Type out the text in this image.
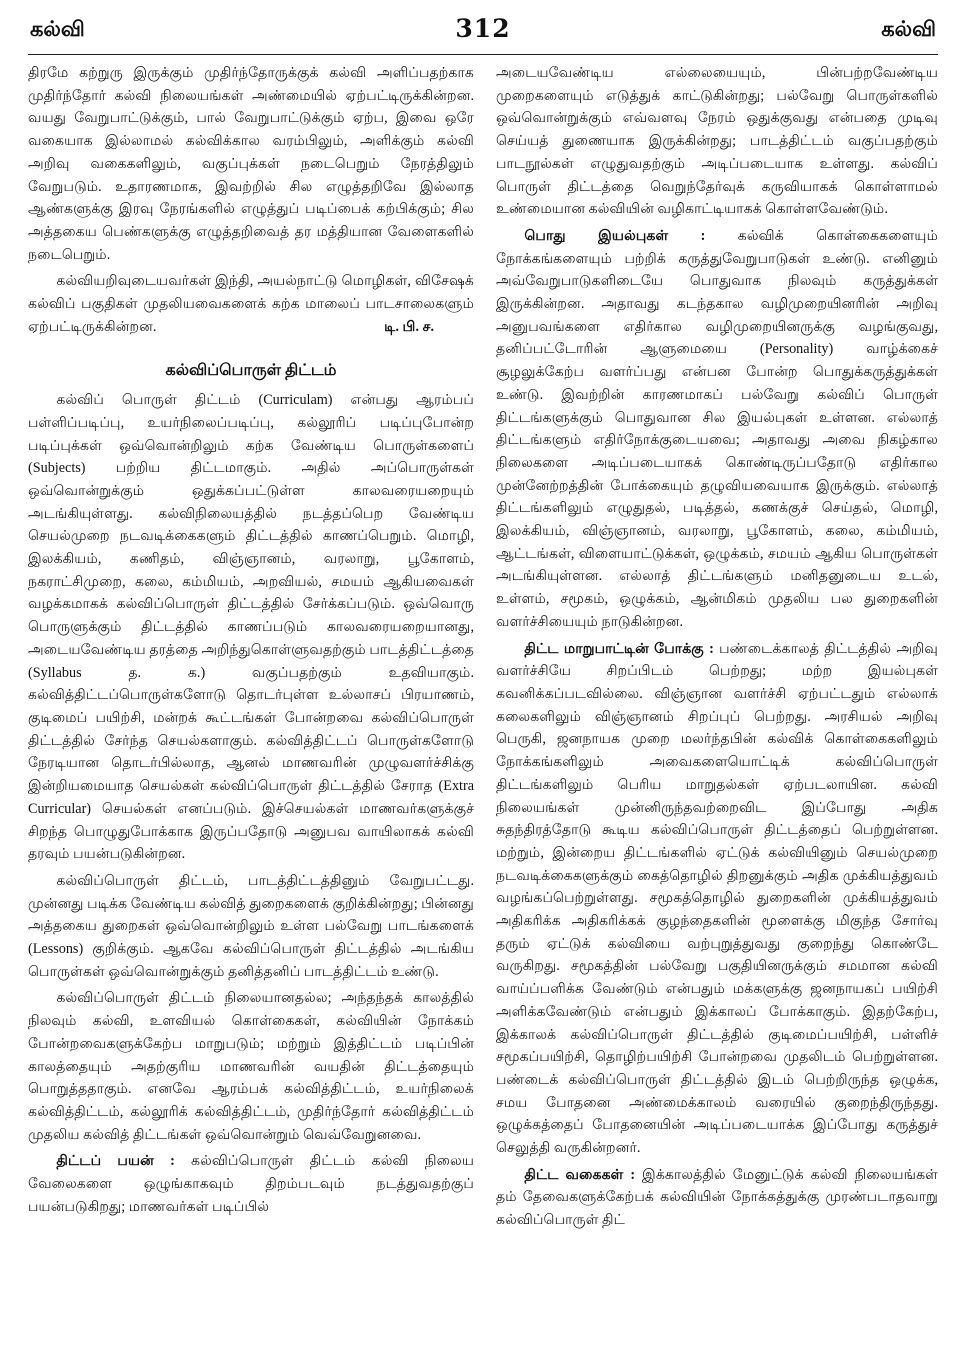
கல்வி	312	கல்வி

திரமே கற்றுரு இருக்கும் முதிர்ந்தோருக்குக் கல்வி அளிப்பதற்காக முதிர்ந்தோர் கல்வி நிலையங்கள் அண்மையில் ஏற்பட்டிருக்கின்றன. வயது வேறுபாட்டுக்கும், பால் வேறுபாட்டுக்கும் ஏற்ப, இவை ஒரே வகையாக இல்லாமல் கல்விக்கால வரம்பிலும், அளிக்கும் கல்வி அறிவு வகைகளிலும், வகுப்புக்கள் நடைபெறும் நேரத்திலும் வேறுபடும். உதாரணமாக, இவற்றில் சில எழுத்தறிவே இல்லாத ஆண்களுக்கு இரவு நேரங்களில் எழுத்துப் படிப்பைக் கற்பிக்கும்; சில அத்தகைய பெண்களுக்கு எழுத்தறிவைத் தர மத்தியான வேளைகளில் நடைபெறும்.

கல்வியறிவுடையவர்கள் இந்தி, அயல்நாட்டு மொழிகள், விசேஷக் கல்விப் பகுதிகள் முதலியவைகளைக் கற்க மாலைப் பாடசாலைகளும் ஏற்பட்டிருக்கின்றன.	டி. பி. ச.

கல்விப்பொருள் திட்டம்

கல்விப் பொருள் திட்டம் (Curriculam) என்பது ஆரம்பப் பள்ளிப்படிப்பு, உயர்நிலைப்படிப்பு, கல்லூரிப் படிப்புபோன்ற படிப்புக்கள் ஒவ்வொன்றிலும் கற்க வேண்டிய பொருள்களைப் (Subjects) பற்றிய திட்டமாகும். அதில் அப்பொருள்கள் ஒவ்வொன்றுக்கும் ஒதுக்கப்பட்டுள்ள காலவரையறையும் அடங்கியுள்ளது. கல்விநிலையத்தில் நடத்தப்பெற வேண்டிய செயல்முறை நடவடிக்கைகளும் திட்டத்தில் காணப்பெறும். மொழி, இலக்கியம், கணிதம், விஞ்ஞானம், வரலாறு, பூகோளம், நகராட்சிமுறை, கலை, கம்மியம், அறவியல், சமயம் ஆகியவைகள் வழக்கமாகக் கல்விப்பொருள் திட்டத்தில் சேர்க்கப்படும். ஒவ்வொரு பொருளுக்கும் திட்டத்தில் காணப்படும் காலவரையறையானது, அடையவேண்டிய தரத்தை அறிந்துகொள்ளுவதற்கும் பாடத்திட்டத்தை (Syllabus த. க.) வகுப்பதற்கும் உதவியாகும். கல்வித்திட்டப்பொருள்களோடு தொடர்புள்ள உல்லாசப் பிரயாணம், குடிமைப் பயிற்சி, மன்றக் கூட்டங்கள் போன்றவை கல்விப்பொருள் திட்டத்தில் சேர்ந்த செயல்களாகும். கல்வித்திட்டப் பொருள்களோடு நேரடியான தொடர்பில்லாத, ஆனல் மாணவரின் முழுவளர்ச்சிக்கு இன்றியமையாத செயல்கள் கல்விப்பொருள் திட்டத்தில் சேராத (Extra Curricular) செயல்கள் எனப்படும். இச்செயல்கள் மாணவர்களுக்குச் சிறந்த பொழுதுபோக்காக இருப்பதோடு அனுபவ வாயிலாகக் கல்வி தரவும் பயன்படுகின்றன.

கல்விப்பொருள் திட்டம், பாடத்திட்டத்தினும் வேறுபட்டது. முன்னது படிக்க வேண்டிய கல்வித் துறைகளைக் குறிக்கின்றது; பின்னது அத்தகைய துறைகள் ஒவ்வொன்றிலும் உள்ள பல்வேறு பாடங்களைக் (Lessons) குறிக்கும். ஆகவே கல்விப்பொருள் திட்டத்தில் அடங்கிய பொருள்கள் ஒவ்வொன்றுக்கும் தனித்தனிப் பாடத்திட்டம் உண்டு.

கல்விப்பொருள் திட்டம் நிலையானதல்ல; அந்தந்தக் காலத்தில் நிலவும் கல்வி, உளவியல் கொள்கைகள், கல்வியின் நோக்கம் போன்றவைகளுக்கேற்ப மாறுபடும்; மற்றும் இத்திட்டம் படிப்பின் காலத்தையும் அதற்குரிய மாணவரின் வயதின் திட்டத்தையும் பொறுத்ததாகும். எனவே ஆரம்பக் கல்வித்திட்டம், உயர்நிலைக் கல்வித்திட்டம், கல்லூரிக் கல்வித்திட்டம், முதிர்ந்தோர் கல்வித்திட்டம் முதலிய கல்வித் திட்டங்கள் ஒவ்வொன்றும் வெவ்வேறுனவை.

திட்டப் பயன் : கல்விப்பொருள் திட்டம் கல்வி நிலைய வேலைகளை ஒழுங்காகவும் திறம்படவும் நடத்துவதற்குப் பயன்படுகிறது; மாணவர்கள் படிப்பில்

அடையவேண்டிய எல்லையையும், பின்பற்றவேண்டிய முறைகளையும் எடுத்துக் காட்டுகின்றது; பல்வேறு பொருள்களில் ஒவ்வொன்றுக்கும் எவ்வளவு நேரம் ஒதுக்குவது என்பதை முடிவு செய்யத் துணையாக இருக்கின்றது; பாடத்திட்டம் வகுப்பதற்கும் பாடநூல்கள் எழுதுவதற்கும் அடிப்படையாக உள்ளது. கல்விப் பொருள் திட்டத்தை வெறுந்தேர்வுக் கருவியாகக் கொள்ளாமல் உண்மையான கல்வியின் வழிகாட்டியாகக் கொள்ளவேண்டும்.

பொது இயல்புகள் : கல்விக் கொள்கைகளையும் நோக்கங்களையும் பற்றிக் கருத்துவேறுபாடுகள் உண்டு. எனினும் அவ்வேறுபாடுகளிடையே பொதுவாக நிலவும் கருத்துக்கள் இருக்கின்றன. அதாவது கடந்தகால வழிமுறையினரின் அறிவு அனுபவங்களை எதிர்கால வழிமுறையினருக்கு வழங்குவது, தனிப்பட்டோரின் ஆளுமையை (Personality) வாழ்க்கைச் சூழலுக்கேற்ப வளர்ப்பது என்பன போன்ற பொதுக்கருத்துக்கள் உண்டு. இவற்றின் காரணமாகப் பல்வேறு கல்விப் பொருள் திட்டங்களுக்கும் பொதுவான சில இயல்புகள் உள்ளன. எல்லாத் திட்டங்களும் எதிர்நோக்குடையவை; அதாவது அவை நிகழ்கால நிலைகளை அடிப்படையாகக் கொண்டிருப்பதோடு எதிர்கால முன்னேற்றத்தின் போக்கையும் தழுவியவையாக இருக்கும். எல்லாத் திட்டங்களிலும் எழுதுதல், படித்தல், கணக்குச் செய்தல், மொழி, இலக்கியம், விஞ்ஞானம், வரலாறு, பூகோளம், கலை, கம்மியம், ஆட்டங்கள், விளையாட்டுக்கள், ஒழுக்கம், சமயம் ஆகிய பொருள்கள் அடங்கியுள்ளன. எல்லாத் திட்டங்களும் மனிதனுடைய உடல், உள்ளம், சமூகம், ஒழுக்கம், ஆன்மிகம் முதலிய பல துறைகளின் வளர்ச்சியையும் நாடுகின்றன.

திட்ட மாறுபாட்டின் போக்கு : பண்டைக்காலத் திட்டத்தில் அறிவு வளர்ச்சியே சிறப்பிடம் பெற்றது; மற்ற இயல்புகள் கவனிக்கப்படவில்லை. விஞ்ஞான வளர்ச்சி ஏற்பட்டதும் எல்லாக் கலைகளிலும் விஞ்ஞானம் சிறப்புப் பெற்றது. அரசியல் அறிவு பெருகி, ஜனநாயக முறை மலர்ந்தபின் கல்விக் கொள்கைகளிலும் நோக்கங்களிலும் அவைகளையொட்டிக் கல்விப்பொருள் திட்டங்களிலும் பெரிய மாறுதல்கள் ஏற்படலாயின. கல்வி நிலையங்கள் முன்னிருந்தவற்றைவிட இப்போது அதிக சுதந்திரத்தோடு கூடிய கல்விப்பொருள் திட்டத்தைப் பெற்றுள்ளன. மற்றும், இன்றைய திட்டங்களில் ஏட்டுக் கல்வியினும் செயல்முறை நடவடிக்கைகளுக்கும் கைத்தொழில் திறனுக்கும் அதிக முக்கியத்துவம் வழங்கப்பெற்றுள்ளது. சமூகத்தொழில் துறைகளின் முக்கியத்துவம் அதிகரிக்க அதிகரிக்கக் குழந்தைகளின் மூளைக்கு மிகுந்த சோர்வு தரும் ஏட்டுக் கல்வியை வற்புறுத்துவது குறைந்து கொண்டே வருகிறது. சமூகத்தின் பல்வேறு பகுதியினருக்கும் சமமான கல்வி வாய்ப்பளிக்க வேண்டும் என்பதும் மக்களுக்கு ஜனநாயகப் பயிற்சி அளிக்கவேண்டும் என்பதும் இக்காலப் போக்காகும். இதற்கேற்ப, இக்காலக் கல்விப்பொருள் திட்டத்தில் குடிமைப்பயிற்சி, பள்ளிச் சமூகப்பயிற்சி, தொழிற்பயிற்சி போன்றவை முதலிடம் பெற்றுள்ளன. பண்டைக் கல்விப்பொருள் திட்டத்தில் இடம் பெற்றிருந்த ஒழுக்க, சமய போதனை அண்மைக்காலம் வரையில் குறைந்திருந்தது. ஒழுக்கத்தைப் போதனையின் அடிப்படையாக்க இப்போது கருத்துச் செலுத்தி வருகின்றனர்.

திட்ட வகைகள் : இக்காலத்தில் மேனுட்டுக் கல்வி நிலையங்கள் தம் தேவைகளுக்கேற்பக் கல்வியின் நோக்கத்துக்கு முரண்படாதவாறு கல்விப்பொருள் திட்
